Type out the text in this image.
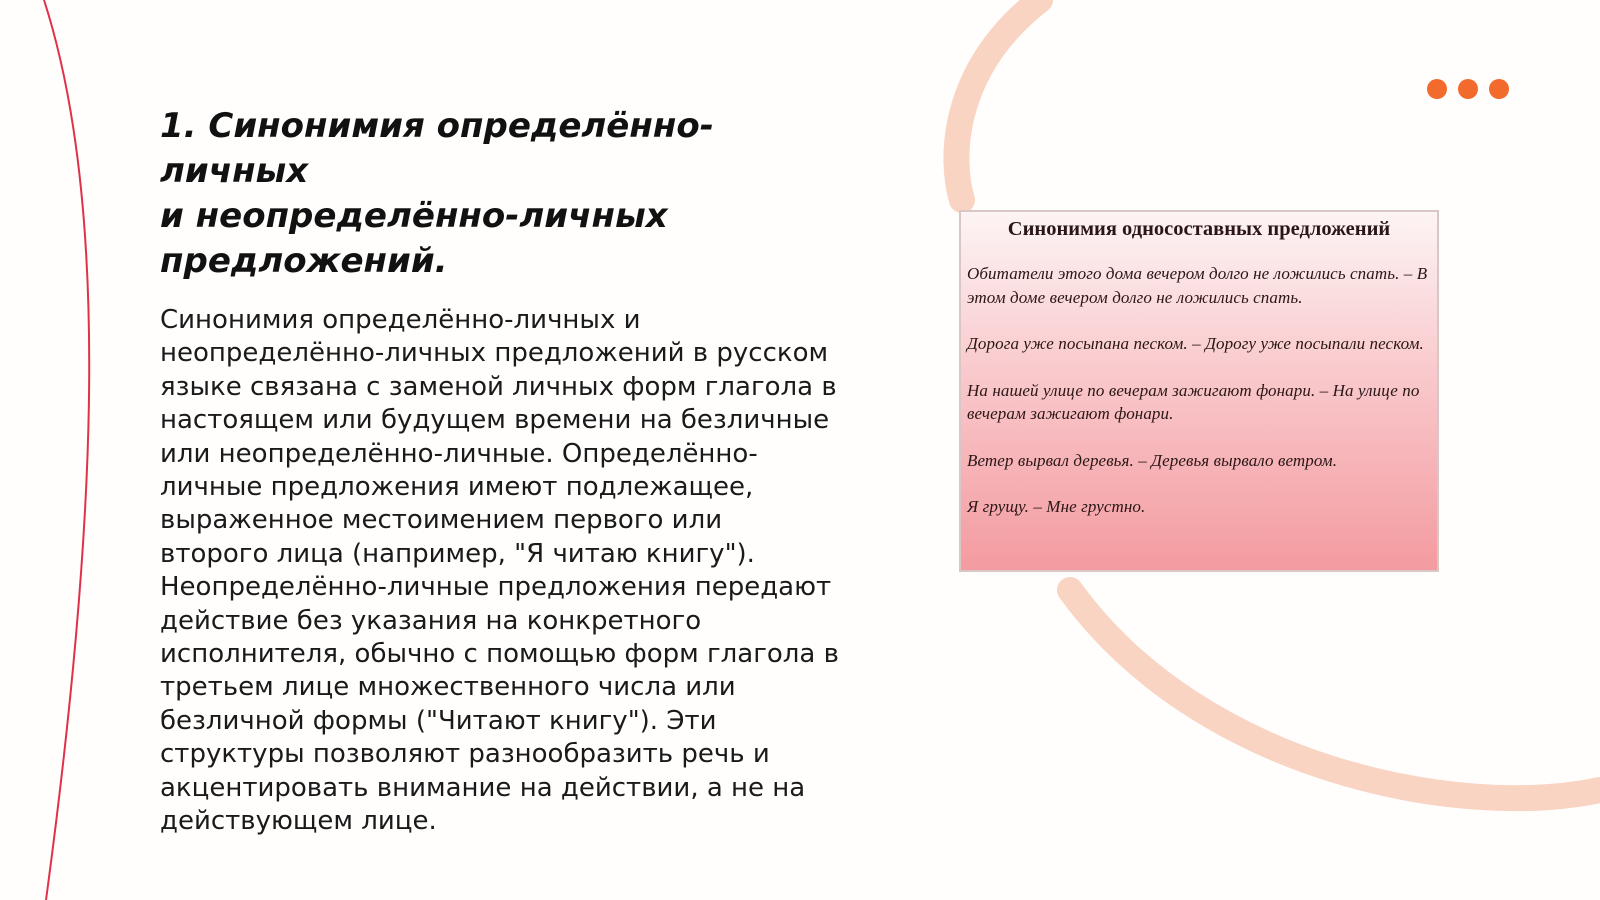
1. Синонимия определённо-личных
и неопределённо-личных
предложений.

Синонимия определённо-личных и
неопределённо-личных предложений в русском
языке связана с заменой личных форм глагола в
настоящем или будущем времени на безличные
или неопределённо-личные. Определённо-
личные предложения имеют подлежащее,
выраженное местоимением первого или
второго лица (например, "Я читаю книгу").
Неопределённо-личные предложения передают
действие без указания на конкретного
исполнителя, обычно с помощью форм глагола в
третьем лице множественного числа или
безличной формы ("Читают книгу"). Эти
структуры позволяют разнообразить речь и
акцентировать внимание на действии, а не на
действующем лице.

Синонимия односоставных предложений

Обитатели этого дома вечером долго не ложились спать. – В этом доме вечером долго не ложились спать.

Дорога уже посыпана песком. – Дорогу уже посыпали песком.

На нашей улице по вечерам зажигают фонари. – На улице по вечерам зажигают фонари.

Ветер вырвал деревья. – Деревья вырвало ветром.

Я грущу. – Мне грустно.
